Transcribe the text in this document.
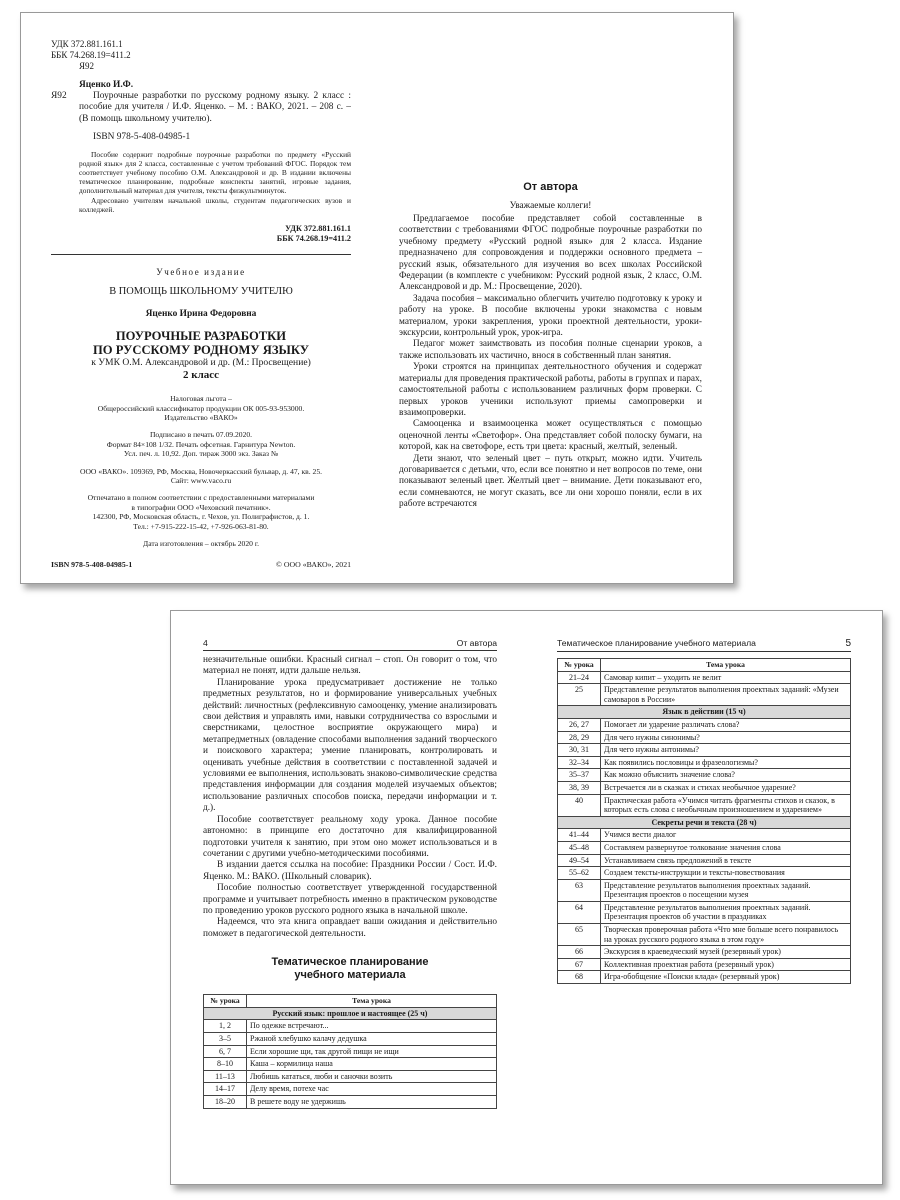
УДК 372.881.161.1
ББК 74.268.19=411.2
Я92
Яценко И.Ф.
Я92	Поурочные разработки по русскому родному языку. 2 класс : пособие для учителя / И.Ф. Яценко. – М. : ВАКО, 2021. – 208 с. – (В помощь школьному учителю).
ISBN 978-5-408-04985-1
Пособие содержит подробные поурочные разработки по предмету «Русский родной язык» для 2 класса, составленные с учетом требований ФГОС. Порядок тем соответствует учебному пособию О.М. Александровой и др. В издании включены тематическое планирование, подробные конспекты занятий, игровые задания, дополнительный материал для учителя, тексты физкультминуток.
Адресовано учителям начальной школы, студентам педагогических вузов и колледжей.
УДК 372.881.161.1
ББК 74.268.19=411.2
Учебное издание
В ПОМОЩЬ ШКОЛЬНОМУ УЧИТЕЛЮ
Яценко Ирина Федоровна
ПОУРОЧНЫЕ РАЗРАБОТКИ
ПО РУССКОМУ РОДНОМУ ЯЗЫКУ
к УМК О.М. Александровой и др. (М.: Просвещение)
2 класс
Налоговая льгота –
Общероссийский классификатор продукции ОК 005-93-953000.
Издательство «ВАКО»
Подписано в печать 07.09.2020.
Формат 84×108 1/32. Печать офсетная. Гарнитура Newton.
Усл. печ. л. 10,92. Доп. тираж 3000 экз. Заказ №
ООО «ВАКО». 109369, РФ, Москва, Новочеркасский бульвар, д. 47, кв. 25.
Сайт: www.vaco.ru
Отпечатано в полном соответствии с предоставленными материалами
в типографии ООО «Чеховский печатник».
142300, РФ, Московская область, г. Чехов, ул. Полиграфистов, д. 1.
Тел.: +7-915-222-15-42, +7-926-063-81-80.
Дата изготовления – октябрь 2020 г.
ISBN 978-5-408-04985-1	© ООО «ВАКО», 2021
От автора
Уважаемые коллеги!

Предлагаемое пособие представляет собой составленные в соответствии с требованиями ФГОС подробные поурочные разработки по учебному предмету «Русский родной язык» для 2 класса. Издание предназначено для сопровождения и поддержки основного предмета – русский язык, обязательного для изучения во всех школах Российской Федерации (в комплекте с учебником: Русский родной язык, 2 класс, О.М. Александровой и др. М.: Просвещение, 2020).

Задача пособия – максимально облегчить учителю подготовку к уроку и работу на уроке. В пособие включены уроки знакомства с новым материалом, уроки закрепления, уроки проектной деятельности, уроки-экскурсии, контрольный урок, урок-игра.

Педагог может заимствовать из пособия полные сценарии уроков, а также использовать их частично, внося в собственный план занятия.

Уроки строятся на принципах деятельностного обучения и содержат материалы для проведения практической работы, работы в группах и парах, самостоятельной работы с использованием различных форм проверки. С первых уроков ученики используют приемы самопроверки и взаимопроверки.

Самооценка и взаимооценка может осуществляться с помощью оценочной ленты «Светофор». Она представляет собой полоску бумаги, на которой, как на светофоре, есть три цвета: красный, желтый, зеленый.

Дети знают, что зеленый цвет – путь открыт, можно идти. Учитель договаривается с детьми, что, если все понятно и нет вопросов по теме, они показывают зеленый цвет. Желтый цвет – внимание. Дети показывают его, если сомневаются, не могут сказать, все ли они хорошо поняли, если в их работе встречаются

4	От автора

незначительные ошибки. Красный сигнал – стоп. Он говорит о том, что материал не понят, идти дальше нельзя.

Планирование урока предусматривает достижение не только предметных результатов, но и формирование универсальных учебных действий: личностных (рефлексивную самооценку, умение анализировать свои действия и управлять ими, навыки сотрудничества со взрослыми и сверстниками, целостное восприятие окружающего мира) и метапредметных (овладение способами выполнения заданий творческого и поискового характера; умение планировать, контролировать и оценивать учебные действия в соответствии с поставленной задачей и условиями ее выполнения, использовать знаково-символические средства представления информации для создания моделей изучаемых объектов; использование различных способов поиска, передачи информации и т. д.).

Пособие соответствует реальному ходу урока. Данное пособие автономно: в принципе его достаточно для квалифицированной подготовки учителя к занятию, при этом оно может использоваться и в сочетании с другими учебно-методическими пособиями.

В издании дается ссылка на пособие: Праздники России / Сост. И.Ф. Яценко. М.: ВАКО. (Школьный словарик).

Пособие полностью соответствует утвержденной государственной программе и учитывает потребность именно в практическом руководстве по проведению уроков русского родного языка в начальной школе.

Надеемся, что эта книга оправдает ваши ожидания и действительно поможет в педагогической деятельности.

Тематическое планирование
учебного материала
№ урока	Тема урока
Русский язык: прошлое и настоящее (25 ч)	
1, 2	По одежке встречают...
3–5	Ржаной хлебушко калачу дедушка
6, 7	Если хорошие щи, так другой пищи не ищи
8–10	Каша – кормилица наша
11–13	Любишь кататься, люби и саночки возить
14–17	Делу время, потехе час
18–20	В решете воду не удержишь
Тематическое планирование учебного материала	5
№ урока	Тема урока
21–24	Самовар кипит – уходить не велит
25	Представление результатов выполнения проектных заданий: «Музеи самоваров в России»
Язык в действии (15 ч)	
26, 27	Помогает ли ударение различать слова?
28, 29	Для чего нужны синонимы?
30, 31	Для чего нужны антонимы?
32–34	Как появились пословицы и фразеологизмы?
35–37	Как можно объяснить значение слова?
38, 39	Встречается ли в сказках и стихах необычное ударение?
40	Практическая работа «Учимся читать фрагменты стихов и сказок, в которых есть слова с необычным произношением и ударением»
Секреты речи и текста (28 ч)	
41–44	Учимся вести диалог
45–48	Составляем развернутое толкование значения слова
49–54	Устанавливаем связь предложений в тексте
55–62	Создаем тексты-инструкции и тексты-повествования
63	Представление результатов выполнения проектных заданий. Презентация проектов о посещении музея
64	Представление результатов выполнения проектных заданий. Презентация проектов об участии в праздниках
65	Творческая проверочная работа «Что мне больше всего понравилось на уроках русского родного языка в этом году»
66	Экскурсия в краеведческий музей (резервный урок)
67	Коллективная проектная работа (резервный урок)
68	Игра-обобщение «Поиски клада» (резервный урок)
